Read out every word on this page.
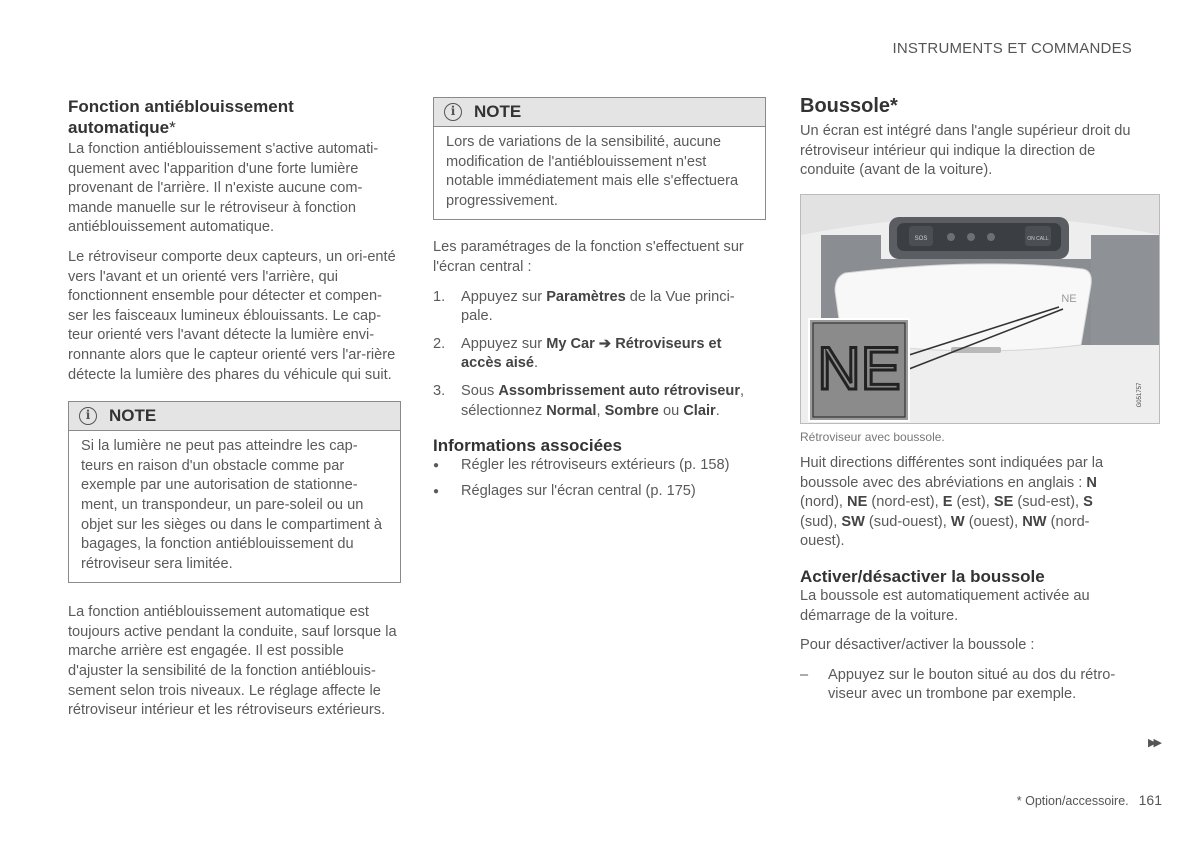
INSTRUMENTS ET COMMANDES
Fonction antiéblouissement automatique*

La fonction antiéblouissement s'active automati-quement avec l'apparition d'une forte lumière provenant de l'arrière. Il n'existe aucune com-mande manuelle sur le rétroviseur à fonction antiéblouissement automatique.

Le rétroviseur comporte deux capteurs, un ori-enté vers l'avant et un orienté vers l'arrière, qui fonctionnent ensemble pour détecter et compen-ser les faisceaux lumineux éblouissants. Le cap-teur orienté vers l'avant détecte la lumière envi-ronnante alors que le capteur orienté vers l'ar-rière détecte la lumière des phares du véhicule qui suit.

i	NOTE
Si la lumière ne peut pas atteindre les cap-teurs en raison d'un obstacle comme par exemple par une autorisation de stationne-ment, un transpondeur, un pare-soleil ou un objet sur les sièges ou dans le compartiment à bagages, la fonction antiéblouissement du rétroviseur sera limitée.

La fonction antiéblouissement automatique est toujours active pendant la conduite, sauf lorsque la marche arrière est engagée. Il est possible d'ajuster la sensibilité de la fonction antiéblouis-sement selon trois niveaux. Le réglage affecte le rétroviseur intérieur et les rétroviseurs extérieurs.

i	NOTE
Lors de variations de la sensibilité, aucune modification de l'antiéblouissement n'est notable immédiatement mais elle s'effectuera progressivement.

Les paramétrages de la fonction s'effectuent sur l'écran central :

1.	Appuyez sur Paramètres de la Vue princi-pale.
2.	Appuyez sur My Car ➔ Rétroviseurs et accès aisé.
3.	Sous Assombrissement auto rétroviseur, sélectionnez Normal, Sombre ou Clair.
Informations associées
●	Régler les rétroviseurs extérieurs (p. 158)
●	Réglages sur l'écran central (p. 175)
Boussole*

Un écran est intégré dans l'angle supérieur droit du rétroviseur intérieur qui indique la direction de conduite (avant de la voiture).

SOS	ON CALL
NE
NE	G051757
Rétroviseur avec boussole.

Huit directions différentes sont indiquées par la boussole avec des abréviations en anglais : N (nord), NE (nord-est), E (est), SE (sud-est), S (sud), SW (sud-ouest), W (ouest), NW (nord-ouest).

Activer/désactiver la boussole

La boussole est automatiquement activée au démarrage de la voiture.

Pour désactiver/activer la boussole :

–	Appuyez sur le bouton situé au dos du rétro-viseur avec un trombone par exemple.
▶▶
* Option/accessoire. 161
